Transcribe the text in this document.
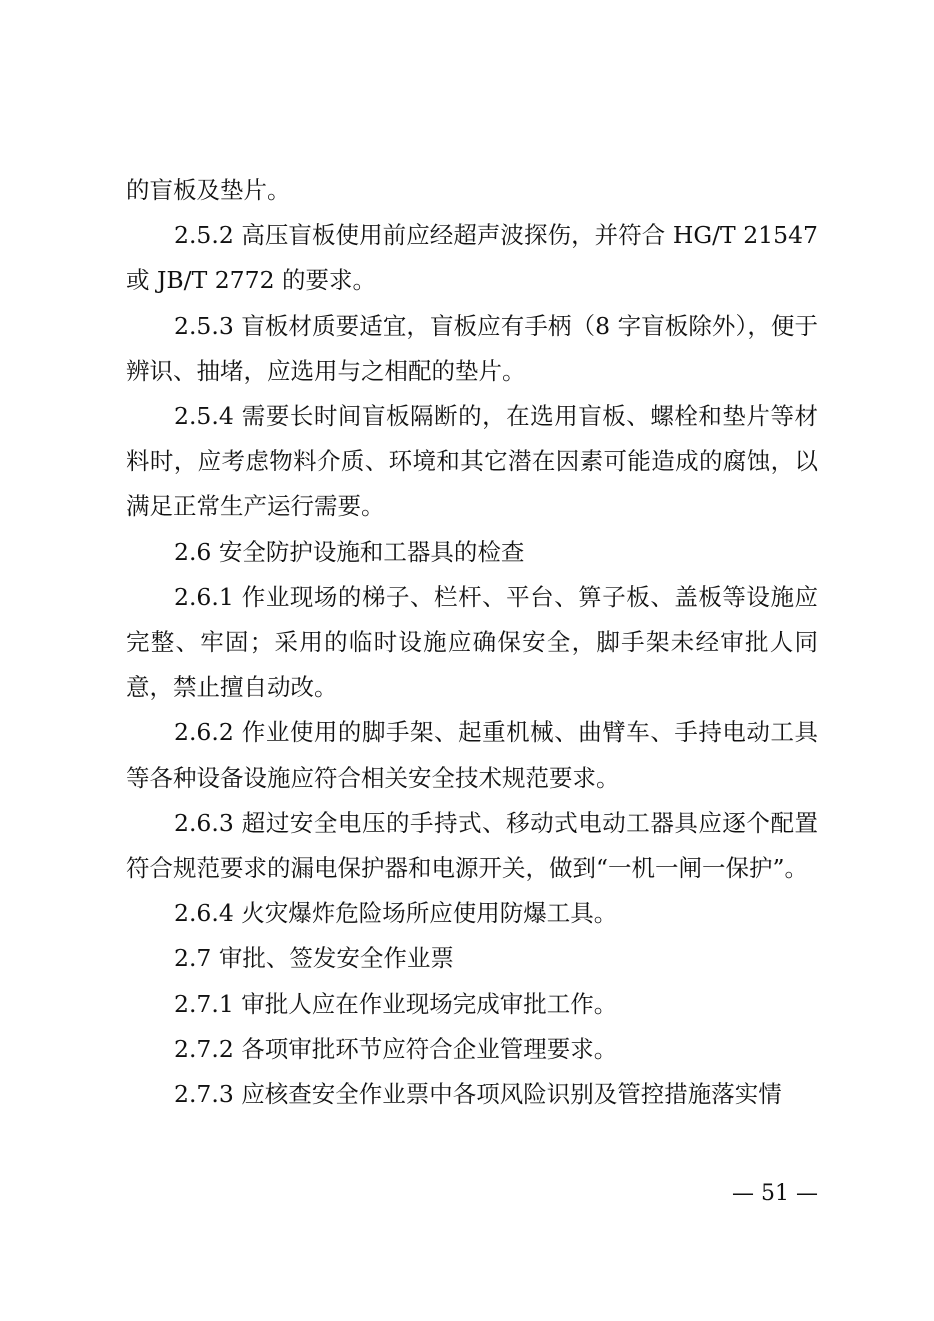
的盲板及垫片。

2.5.2 高压盲板使用前应经超声波探伤，并符合 HG/T 21547 或 JB/T 2772 的要求。

2.5.3 盲板材质要适宜，盲板应有手柄（8 字盲板除外），便于辨识、抽堵，应选用与之相配的垫片。

2.5.4 需要长时间盲板隔断的，在选用盲板、螺栓和垫片等材料时，应考虑物料介质、环境和其它潜在因素可能造成的腐蚀，以满足正常生产运行需要。

2.6 安全防护设施和工器具的检查

2.6.1 作业现场的梯子、栏杆、平台、箅子板、盖板等设施应完整、牢固；采用的临时设施应确保安全，脚手架未经审批人同意，禁止擅自动改。

2.6.2 作业使用的脚手架、起重机械、曲臂车、手持电动工具等各种设备设施应符合相关安全技术规范要求。

2.6.3 超过安全电压的手持式、移动式电动工器具应逐个配置符合规范要求的漏电保护器和电源开关，做到“一机一闸一保护”。

2.6.4 火灾爆炸危险场所应使用防爆工具。

2.7 审批、签发安全作业票

2.7.1 审批人应在作业现场完成审批工作。

2.7.2 各项审批环节应符合企业管理要求。

2.7.3 应核查安全作业票中各项风险识别及管控措施落实情

— 51 —
